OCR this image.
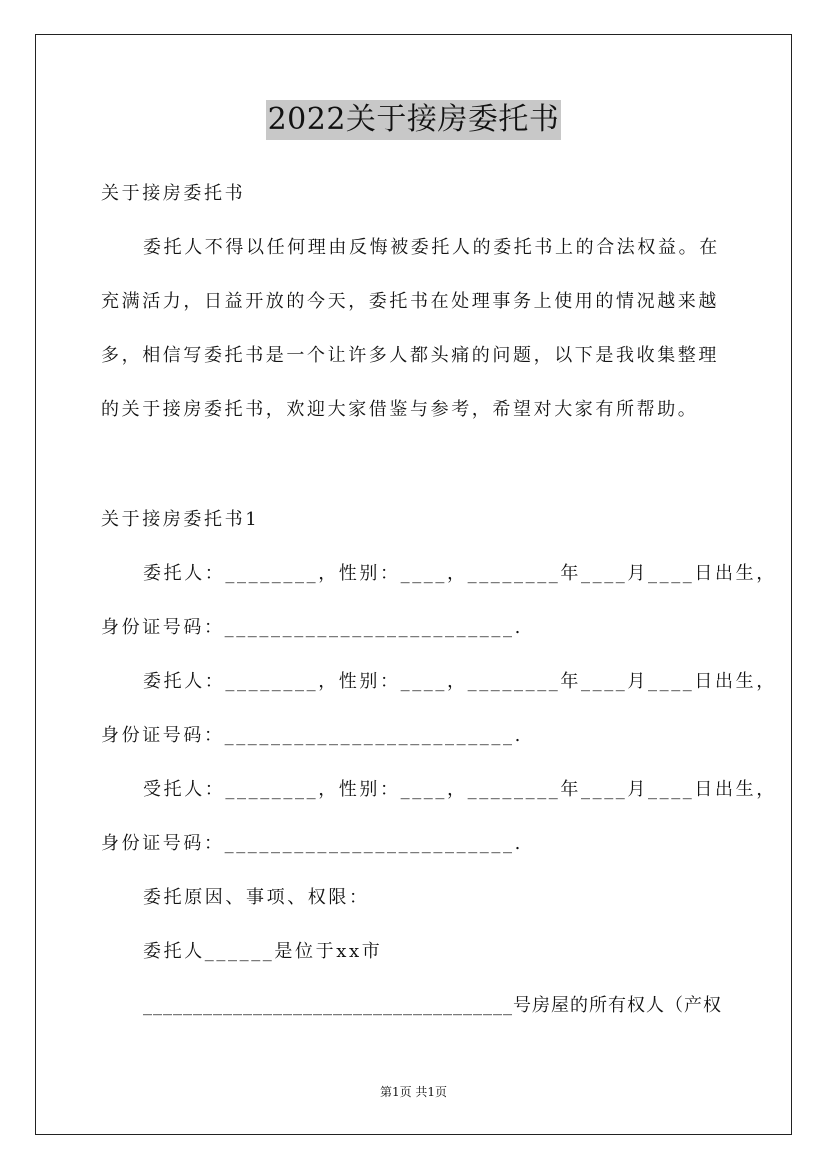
2022关于接房委托书
关于接房委托书
委托人不得以任何理由反悔被委托人的委托书上的合法权益。在
充满活力，日益开放的今天，委托书在处理事务上使用的情况越来越
多，相信写委托书是一个让许多人都头痛的问题，以下是我收集整理
的关于接房委托书，欢迎大家借鉴与参考，希望对大家有所帮助。
关于接房委托书1
委托人：________，性别：____，________年____月____日出生，
身份证号码：_________________________.
委托人：________，性别：____，________年____月____日出生，
身份证号码：_________________________.
受托人：________，性别：____，________年____月____日出生，
身份证号码：_________________________.
委托原因、事项、权限：
委托人______是位于xx市
_____________________________________号房屋的所有权人（产权
第1页 共1页
